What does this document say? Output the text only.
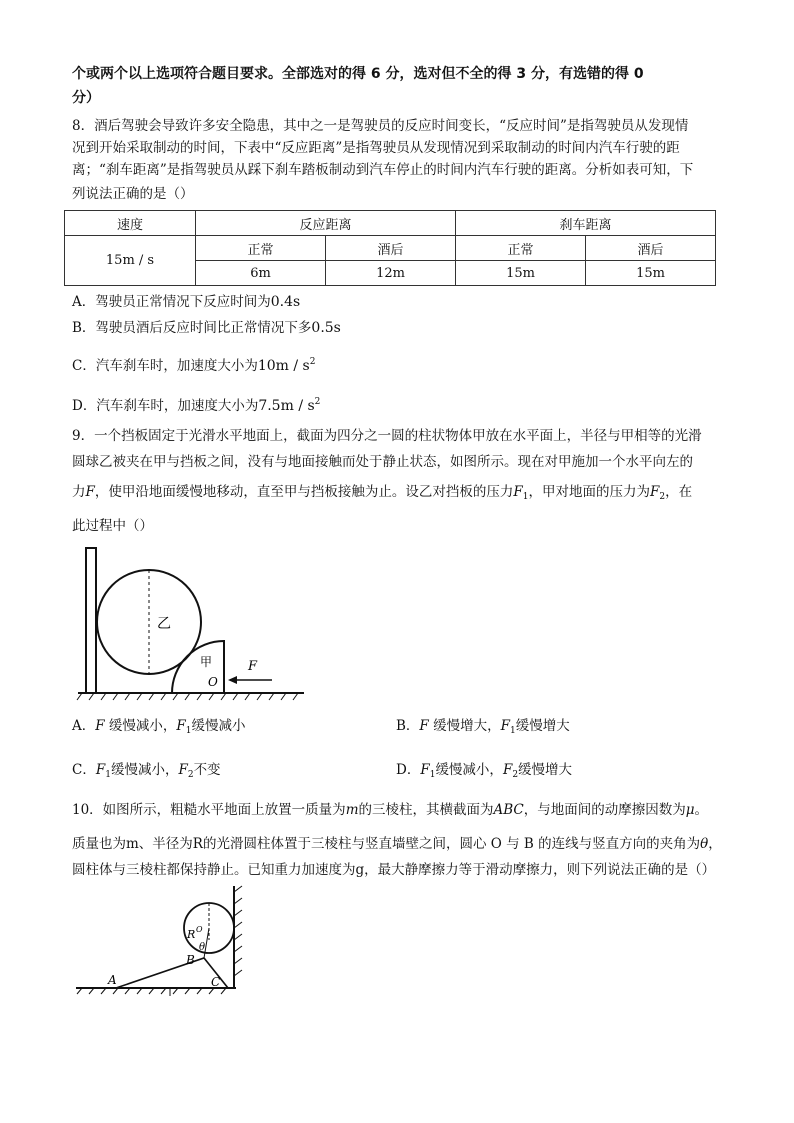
个或两个以上选项符合题目要求。全部选对的得 6 分，选对但不全的得 3 分，有选错的得 0
分）
8．酒后驾驶会导致许多安全隐患，其中之一是驾驶员的反应时间变长，“反应时间”是指驾驶员从发现情
况到开始采取制动的时间，下表中“反应距离”是指驾驶员从发现情况到采取制动的时间内汽车行驶的距
离；“刹车距离”是指驾驶员从踩下刹车踏板制动到汽车停止的时间内汽车行驶的距离。分析如表可知，下
列说法正确的是（）
速度	反应距离		刹车距离	
15m / s	正常	酒后	正常	酒后
	6m	12m	15m	15m
A．驾驶员正常情况下反应时间为0.4s
B．驾驶员酒后反应时间比正常情况下多0.5s
C．汽车刹车时，加速度大小为$10m / s^2$
D．汽车刹车时，加速度大小为$7.5m / s^2$
9．一个挡板固定于光滑水平地面上，截面为四分之一圆的柱状物体甲放在水平面上，半径与甲相等的光滑
圆球乙被夹在甲与挡板之间，没有与地面接触而处于静止状态，如图所示。现在对甲施加一个水平向左的
力F，使甲沿地面缓慢地移动，直至甲与挡板接触为止。设乙对挡板的压力$F_1$，甲对地面的压力为$F_2$，在
此过程中（）
乙
甲
O
F
A．F 缓慢减小，$F_1$缓慢减小	B．F 缓慢增大，$F_1$缓慢增大
C．$F_1$缓慢减小，$F_2$不变	D．$F_1$缓慢减小，$F_2$缓慢增大
10．如图所示，粗糙水平地面上放置一质量为m的三棱柱，其横截面为ABC，与地面间的动摩擦因数为μ。
质量也为m、半径为R的光滑圆柱体置于三棱柱与竖直墙壁之间，圆心 O 与 B 的连线与竖直方向的夹角为θ，
圆柱体与三棱柱都保持静止。已知重力加速度为g，最大静摩擦力等于滑动摩擦力，则下列说法正确的是（）
R O
θ
A
B
C
